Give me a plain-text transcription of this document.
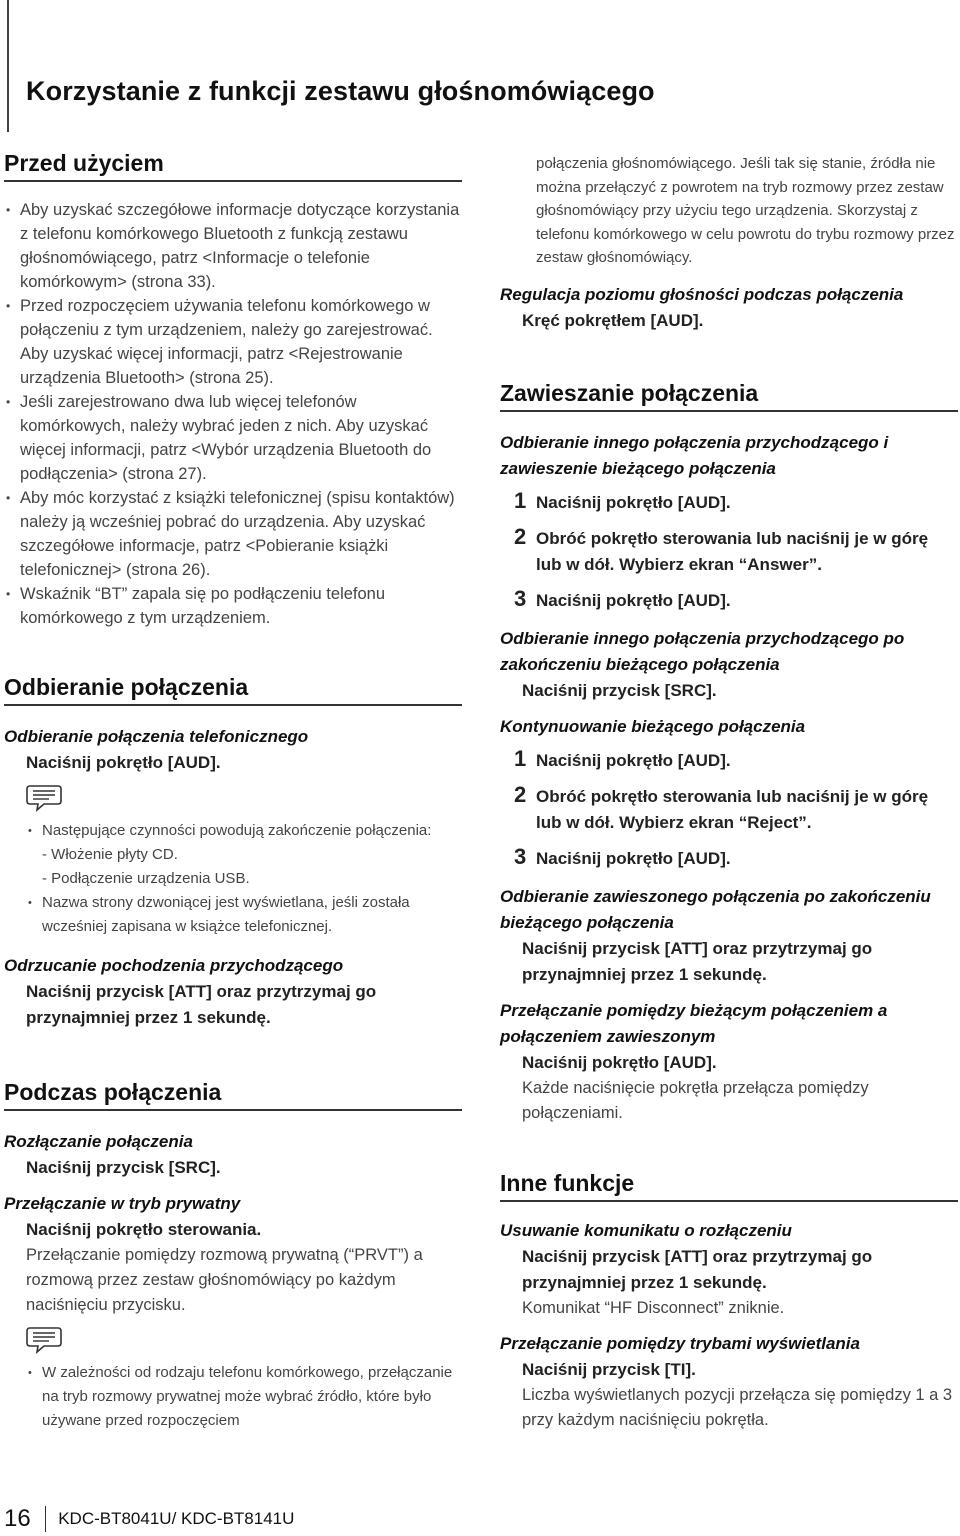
Korzystanie z funkcji zestawu głośnomówiącego
Przed użyciem
• Aby uzyskać szczegółowe informacje dotyczące korzystania z telefonu komórkowego Bluetooth z funkcją zestawu głośnomówiącego, patrz <Informacje o telefonie komórkowym> (strona 33).
• Przed rozpoczęciem używania telefonu komórkowego w połączeniu z tym urządzeniem, należy go zarejestrować. Aby uzyskać więcej informacji, patrz <Rejestrowanie urządzenia Bluetooth> (strona 25).
• Jeśli zarejestrowano dwa lub więcej telefonów komórkowych, należy wybrać jeden z nich. Aby uzyskać więcej informacji, patrz <Wybór urządzenia Bluetooth do podłączenia> (strona 27).
• Aby móc korzystać z książki telefonicznej (spisu kontaktów) należy ją wcześniej pobrać do urządzenia. Aby uzyskać szczegółowe informacje, patrz <Pobieranie książki telefonicznej> (strona 26).
• Wskaźnik “BT” zapala się po podłączeniu telefonu komórkowego z tym urządzeniem.
Odbieranie połączenia
Odbieranie połączenia telefonicznego
Naciśnij pokrętło [AUD].
• Następujące czynności powodują zakończenie połączenia:
- Włożenie płyty CD.
- Podłączenie urządzenia USB.
• Nazwa strony dzwoniącej jest wyświetlana, jeśli została wcześniej zapisana w książce telefonicznej.
Odrzucanie pochodzenia przychodzącego
Naciśnij przycisk [ATT] oraz przytrzymaj go przynajmniej przez 1 sekundę.
Podczas połączenia
Rozłączanie połączenia
Naciśnij przycisk [SRC].
Przełączanie w tryb prywatny
Naciśnij pokrętło sterowania.
Przełączanie pomiędzy rozmową prywatną (“PRVT”) a rozmową przez zestaw głośnomówiący po każdym naciśnięciu przycisku.
• W zależności od rodzaju telefonu komórkowego, przełączanie na tryb rozmowy prywatnej może wybrać źródło, które było używane przed rozpoczęciem
połączenia głośnomówiącego. Jeśli tak się stanie, źródła nie można przełączyć z powrotem na tryb rozmowy przez zestaw głośnomówiący przy użyciu tego urządzenia. Skorzystaj z telefonu komórkowego w celu powrotu do trybu rozmowy przez zestaw głośnomówiący.
Regulacja poziomu głośności podczas połączenia
Kręć pokrętłem [AUD].
Zawieszanie połączenia
Odbieranie innego połączenia przychodzącego i zawieszenie bieżącego połączenia
1 Naciśnij pokrętło [AUD].
2 Obróć pokrętło sterowania lub naciśnij je w górę lub w dół. Wybierz ekran “Answer”.
3 Naciśnij pokrętło [AUD].
Odbieranie innego połączenia przychodzącego po zakończeniu bieżącego połączenia
Naciśnij przycisk [SRC].
Kontynuowanie bieżącego połączenia
1 Naciśnij pokrętło [AUD].
2 Obróć pokrętło sterowania lub naciśnij je w górę lub w dół. Wybierz ekran “Reject”.
3 Naciśnij pokrętło [AUD].
Odbieranie zawieszonego połączenia po zakończeniu bieżącego połączenia
Naciśnij przycisk [ATT] oraz przytrzymaj go przynajmniej przez 1 sekundę.
Przełączanie pomiędzy bieżącym połączeniem a połączeniem zawieszonym
Naciśnij pokrętło [AUD].
Każde naciśnięcie pokrętła przełącza pomiędzy połączeniami.
Inne funkcje
Usuwanie komunikatu o rozłączeniu
Naciśnij przycisk [ATT] oraz przytrzymaj go przynajmniej przez 1 sekundę.
Komunikat “HF Disconnect” zniknie.
Przełączanie pomiędzy trybami wyświetlania
Naciśnij przycisk [TI].
Liczba wyświetlanych pozycji przełącza się pomiędzy 1 a 3 przy każdym naciśnięciu pokrętła.
16	KDC-BT8041U/ KDC-BT8141U
